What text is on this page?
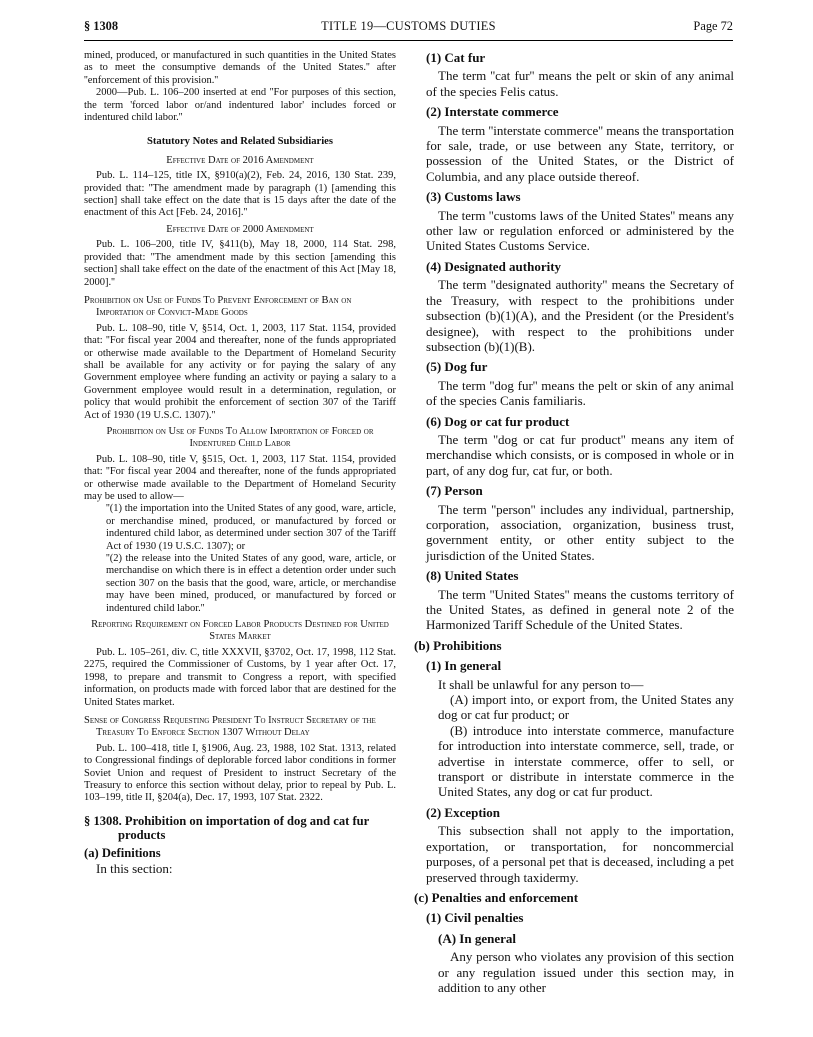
§ 1308	TITLE 19—CUSTOMS DUTIES	Page 72

mined, produced, or manufactured in such quantities in the United States as to meet the consumptive demands of the United States.'' after ''enforcement of this provision.''

2000—Pub. L. 106–200 inserted at end ''For purposes of this section, the term 'forced labor or/and indentured labor' includes forced or indentured child labor.''

Statutory Notes and Related Subsidiaries
Effective Date of 2016 Amendment

Pub. L. 114–125, title IX, §910(a)(2), Feb. 24, 2016, 130 Stat. 239, provided that: ''The amendment made by paragraph (1) [amending this section] shall take effect on the date that is 15 days after the date of the enactment of this Act [Feb. 24, 2016].''

Effective Date of 2000 Amendment

Pub. L. 106–200, title IV, §411(b), May 18, 2000, 114 Stat. 298, provided that: ''The amendment made by this section [amending this section] shall take effect on the date of the enactment of this Act [May 18, 2000].''

Prohibition on Use of Funds To Prevent Enforcement of Ban on Importation of Convict-Made Goods

Pub. L. 108–90, title V, §514, Oct. 1, 2003, 117 Stat. 1154, provided that: ''For fiscal year 2004 and thereafter, none of the funds appropriated or otherwise made available to the Department of Homeland Security shall be available for any activity or for paying the salary of any Government employee where funding an activity or paying a salary to a Government employee would result in a determination, regulation, or policy that would prohibit the enforcement of section 307 of the Tariff Act of 1930 (19 U.S.C. 1307).''

Prohibition on Use of Funds To Allow Importation of Forced or Indentured Child Labor

Pub. L. 108–90, title V, §515, Oct. 1, 2003, 117 Stat. 1154, provided that: ''For fiscal year 2004 and thereafter, none of the funds appropriated or otherwise made available to the Department of Homeland Security may be used to allow—

''(1) the importation into the United States of any good, ware, article, or merchandise mined, produced, or manufactured by forced or indentured child labor, as determined under section 307 of the Tariff Act of 1930 (19 U.S.C. 1307); or

''(2) the release into the United States of any good, ware, article, or merchandise on which there is in effect a detention order under such section 307 on the basis that the good, ware, article, or merchandise may have been mined, produced, or manufactured by forced or indentured child labor.''

Reporting Requirement on Forced Labor Products Destined for United States Market

Pub. L. 105–261, div. C, title XXXVII, §3702, Oct. 17, 1998, 112 Stat. 2275, required the Commissioner of Customs, by 1 year after Oct. 17, 1998, to prepare and transmit to Congress a report, with specified information, on products made with forced labor that are destined for the United States market.

Sense of Congress Requesting President To Instruct Secretary of the Treasury To Enforce Section 1307 Without Delay

Pub. L. 100–418, title I, §1906, Aug. 23, 1988, 102 Stat. 1313, related to Congressional findings of deplorable forced labor conditions in former Soviet Union and request of President to instruct Secretary of the Treasury to enforce this section without delay, prior to repeal by Pub. L. 103–199, title II, §204(a), Dec. 17, 1993, 107 Stat. 2322.

§ 1308. Prohibition on importation of dog and cat fur products
(a) Definitions
In this section:
(1) Cat fur

The term ''cat fur'' means the pelt or skin of any animal of the species Felis catus.

(2) Interstate commerce

The term ''interstate commerce'' means the transportation for sale, trade, or use between any State, territory, or possession of the United States, or the District of Columbia, and any place outside thereof.

(3) Customs laws

The term ''customs laws of the United States'' means any other law or regulation enforced or administered by the United States Customs Service.

(4) Designated authority

The term ''designated authority'' means the Secretary of the Treasury, with respect to the prohibitions under subsection (b)(1)(A), and the President (or the President's designee), with respect to the prohibitions under subsection (b)(1)(B).

(5) Dog fur

The term ''dog fur'' means the pelt or skin of any animal of the species Canis familiaris.

(6) Dog or cat fur product

The term ''dog or cat fur product'' means any item of merchandise which consists, or is composed in whole or in part, of any dog fur, cat fur, or both.

(7) Person

The term ''person'' includes any individual, partnership, corporation, association, organization, business trust, government entity, or other entity subject to the jurisdiction of the United States.

(8) United States

The term ''United States'' means the customs territory of the United States, as defined in general note 2 of the Harmonized Tariff Schedule of the United States.

(b) Prohibitions
(1) In general

It shall be unlawful for any person to—

(A) import into, or export from, the United States any dog or cat fur product; or

(B) introduce into interstate commerce, manufacture for introduction into interstate commerce, sell, trade, or advertise in interstate commerce, offer to sell, or transport or distribute in interstate commerce in the United States, any dog or cat fur product.

(2) Exception

This subsection shall not apply to the importation, exportation, or transportation, for noncommercial purposes, of a personal pet that is deceased, including a pet preserved through taxidermy.

(c) Penalties and enforcement
(1) Civil penalties
(A) In general

Any person who violates any provision of this section or any regulation issued under this section may, in addition to any other
